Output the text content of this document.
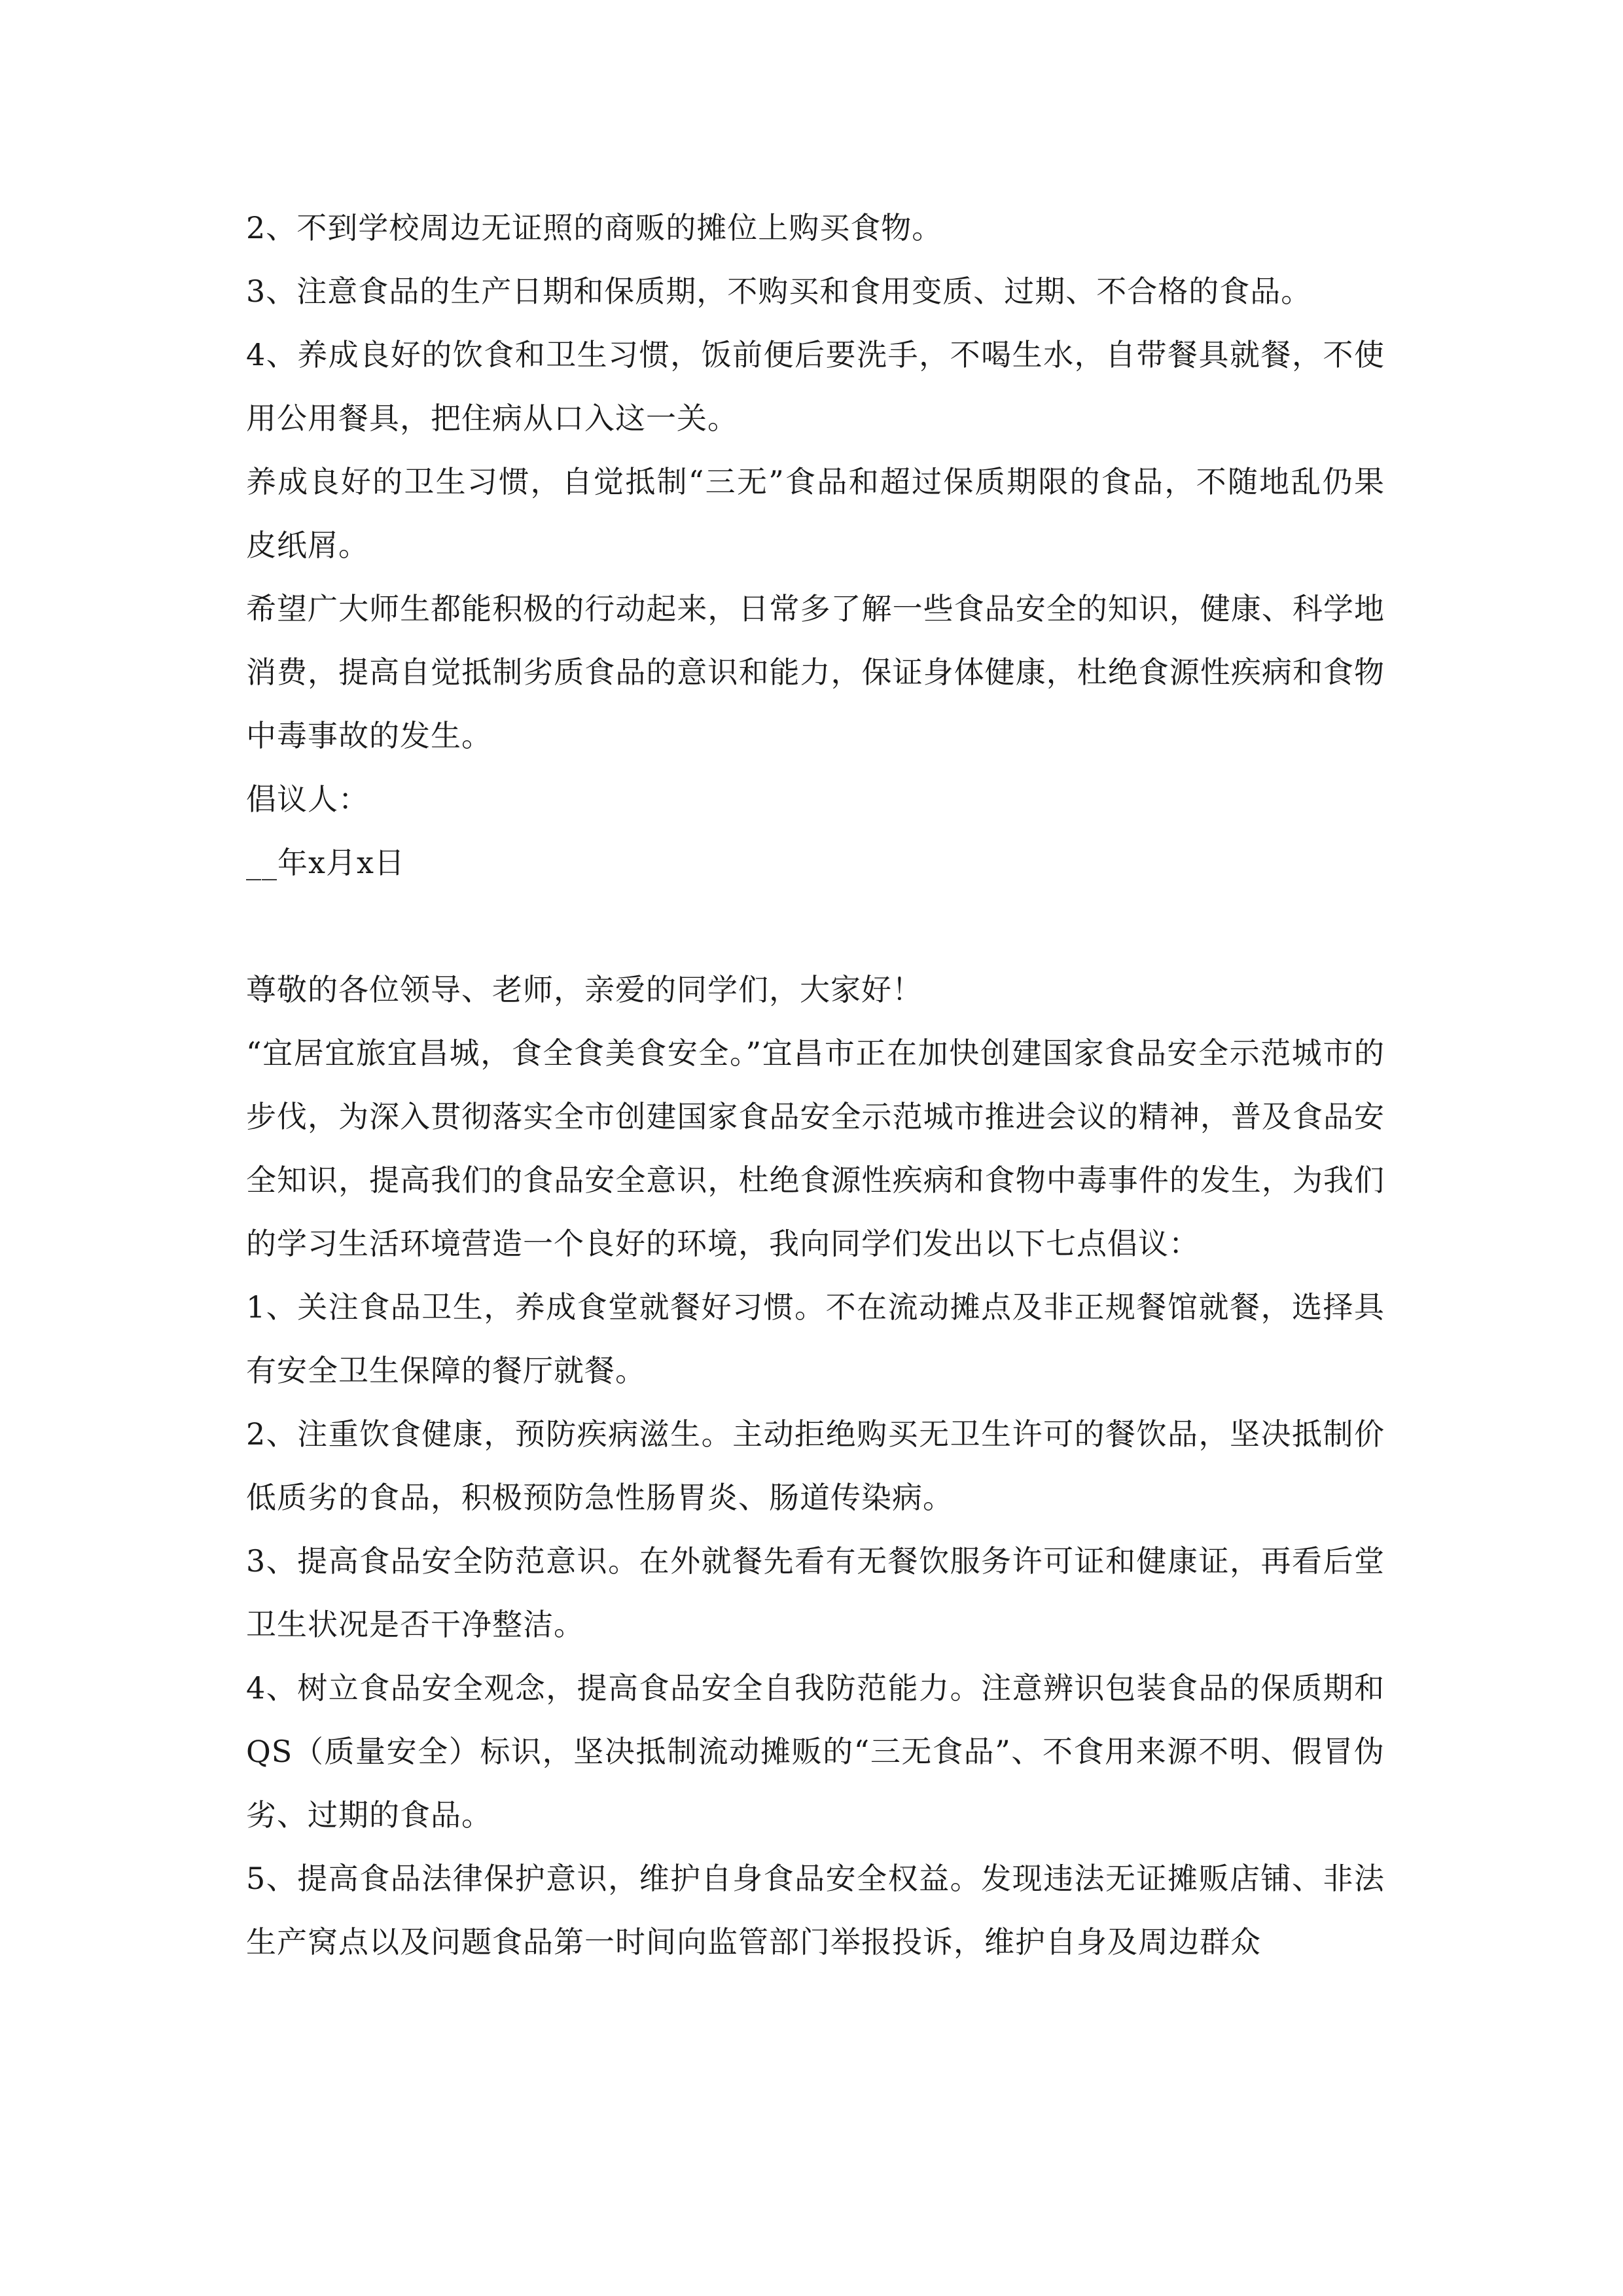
2、不到学校周边无证照的商贩的摊位上购买食物。

3、注意食品的生产日期和保质期，不购买和食用变质、过期、不合格的食品。

4、养成良好的饮食和卫生习惯，饭前便后要洗手，不喝生水，自带餐具就餐，不使用公用餐具，把住病从口入这一关。

养成良好的卫生习惯，自觉抵制“三无”食品和超过保质期限的食品，不随地乱仍果皮纸屑。

希望广大师生都能积极的行动起来，日常多了解一些食品安全的知识，健康、科学地消费，提高自觉抵制劣质食品的意识和能力，保证身体健康，杜绝食源性疾病和食物中毒事故的发生。

倡议人：

__年x月x日

尊敬的各位领导、老师，亲爱的同学们，大家好！

“宜居宜旅宜昌城，食全食美食安全。”宜昌市正在加快创建国家食品安全示范城市的步伐，为深入贯彻落实全市创建国家食品安全示范城市推进会议的精神，普及食品安全知识，提高我们的食品安全意识，杜绝食源性疾病和食物中毒事件的发生，为我们的学习生活环境营造一个良好的环境，我向同学们发出以下七点倡议：

1、关注食品卫生，养成食堂就餐好习惯。不在流动摊点及非正规餐馆就餐，选择具有安全卫生保障的餐厅就餐。

2、注重饮食健康，预防疾病滋生。主动拒绝购买无卫生许可的餐饮品，坚决抵制价低质劣的食品，积极预防急性肠胃炎、肠道传染病。

3、提高食品安全防范意识。在外就餐先看有无餐饮服务许可证和健康证，再看后堂卫生状况是否干净整洁。

4、树立食品安全观念，提高食品安全自我防范能力。注意辨识包装食品的保质期和QS（质量安全）标识，坚决抵制流动摊贩的“三无食品”、不食用来源不明、假冒伪劣、过期的食品。

5、提高食品法律保护意识，维护自身食品安全权益。发现违法无证摊贩店铺、非法生产窝点以及问题食品第一时间向监管部门举报投诉，维护自身及周边群众
